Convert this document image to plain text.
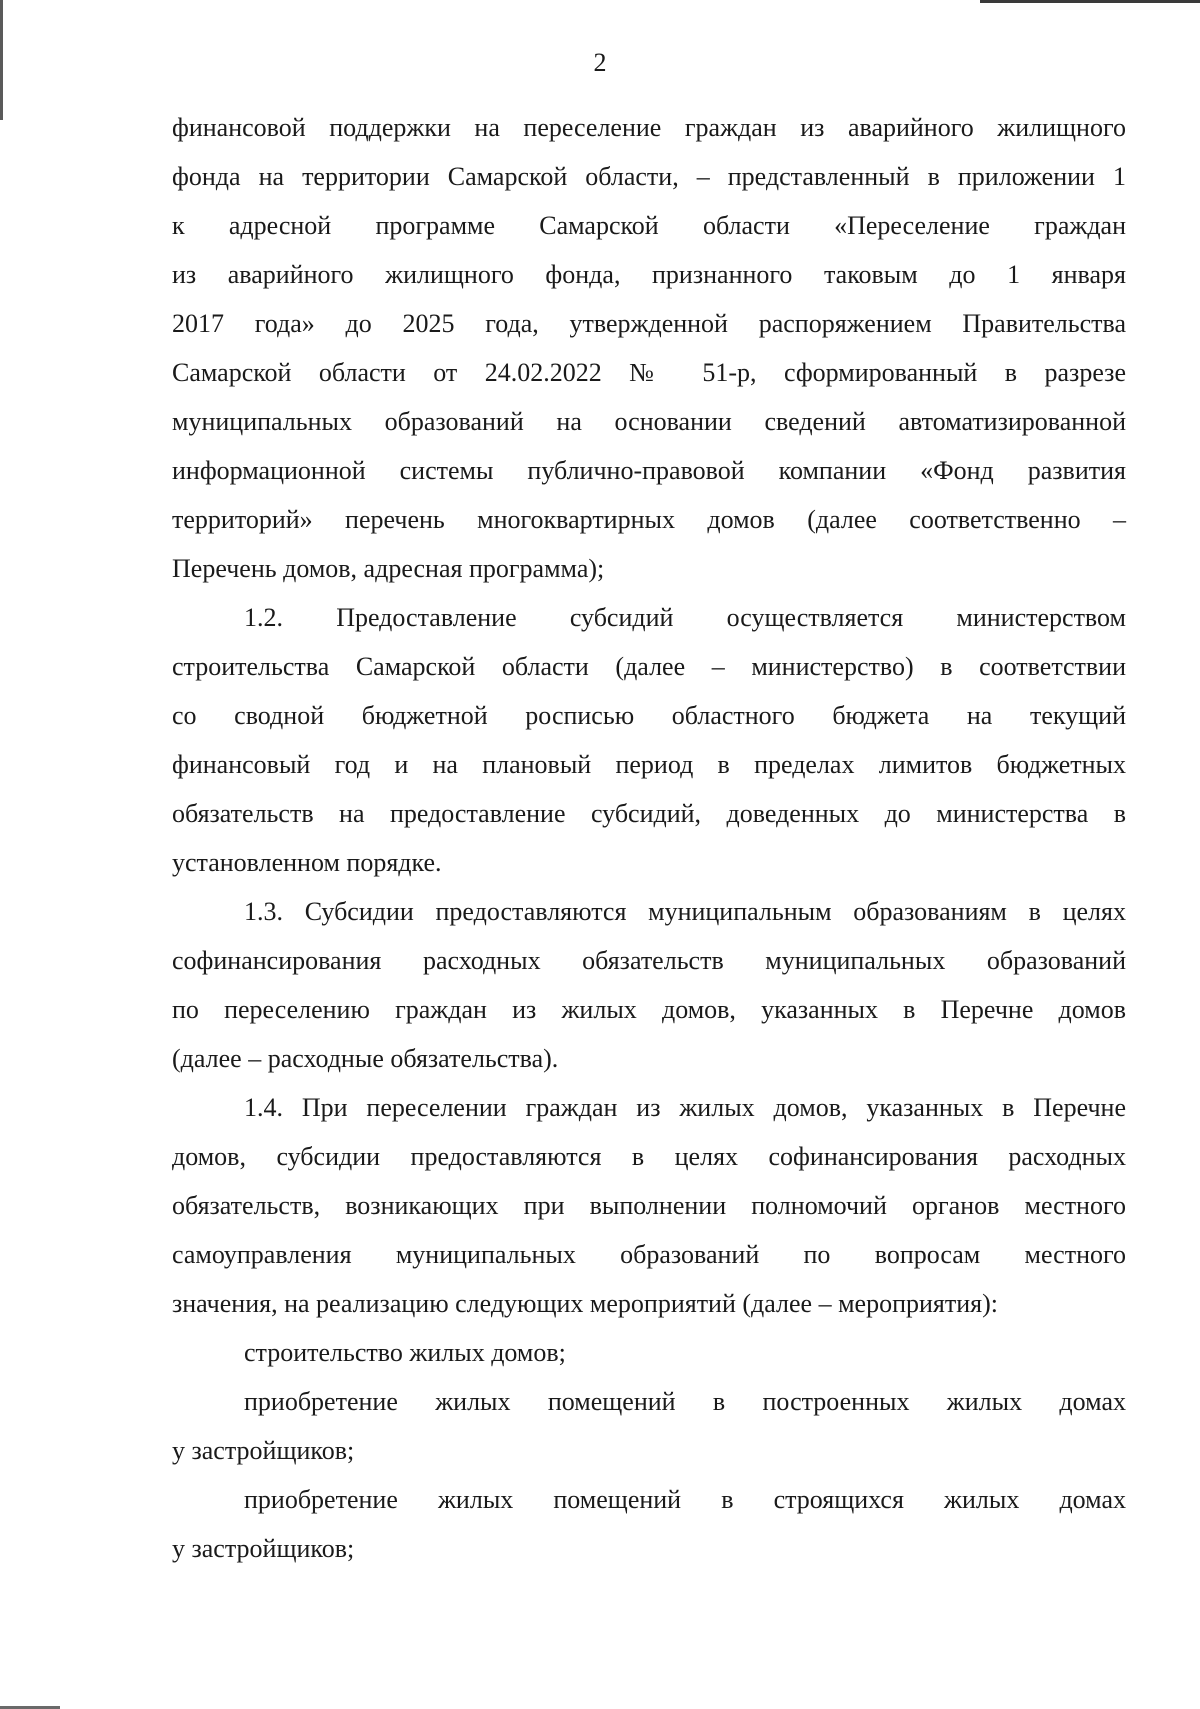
2
финансовой поддержки на переселение граждан из аварийного жилищного
фонда на территории Самарской области, – представленный в приложении 1
к адресной программе Самарской области «Переселение граждан
из аварийного жилищного фонда, признанного таковым до 1 января
2017 года» до 2025 года, утвержденной распоряжением Правительства
Самарской области от 24.02.2022 № 51-р, сформированный в разрезе
муниципальных образований на основании сведений автоматизированной
информационной системы публично-правовой компании «Фонд развития
территорий» перечень многоквартирных домов (далее соответственно –
Перечень домов, адресная программа);
1.2. Предоставление субсидий осуществляется министерством
строительства Самарской области (далее – министерство) в соответствии
со сводной бюджетной росписью областного бюджета на текущий
финансовый год и на плановый период в пределах лимитов бюджетных
обязательств на предоставление субсидий, доведенных до министерства в
установленном порядке.
1.3. Субсидии предоставляются муниципальным образованиям в целях
софинансирования расходных обязательств муниципальных образований
по переселению граждан из жилых домов, указанных в Перечне домов
(далее – расходные обязательства).
1.4. При переселении граждан из жилых домов, указанных в Перечне
домов, субсидии предоставляются в целях софинансирования расходных
обязательств, возникающих при выполнении полномочий органов местного
самоуправления муниципальных образований по вопросам местного
значения, на реализацию следующих мероприятий (далее – мероприятия):
строительство жилых домов;
приобретение жилых помещений в построенных жилых домах
у застройщиков;
приобретение жилых помещений в строящихся жилых домах
у застройщиков;
